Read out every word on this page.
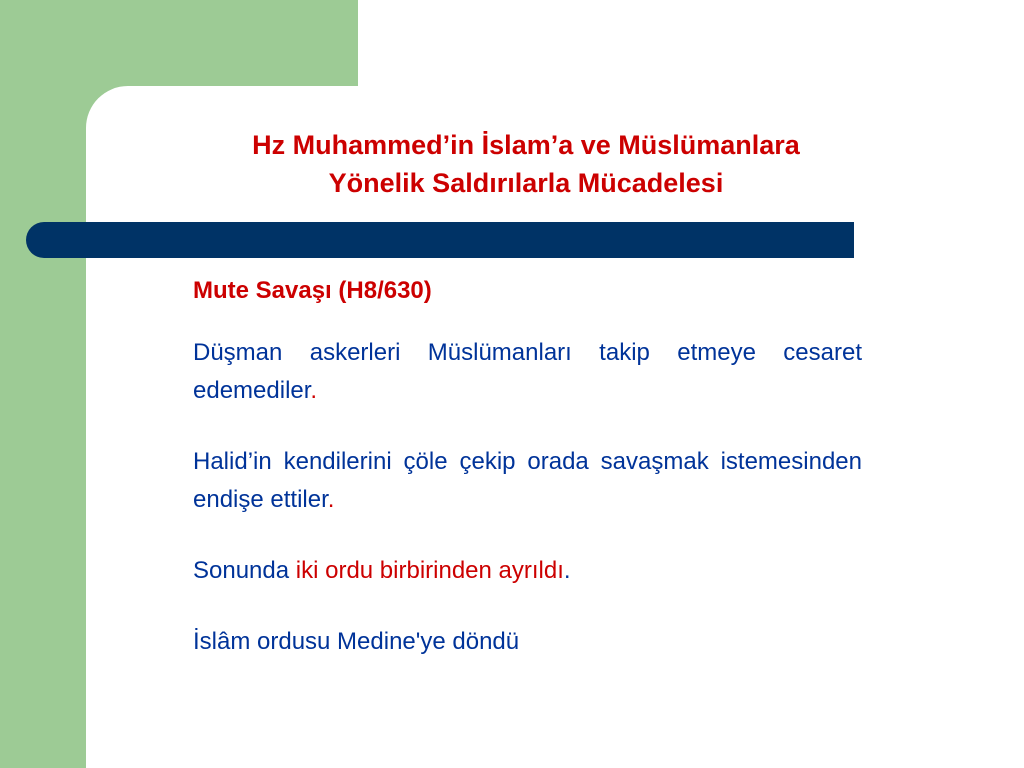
Hz Muhammed’in İslam’a ve Müslümanlara
Yönelik Saldırılarla Mücadelesi
Mute Savaşı (H8/630)
Düşman askerleri Müslümanları takip etmeye cesaret edemediler.
Halid’in kendilerini çöle çekip orada savaşmak istemesinden endişe ettiler.
Sonunda iki ordu birbirinden ayrıldı.
İslâm ordusu Medine'ye döndü
